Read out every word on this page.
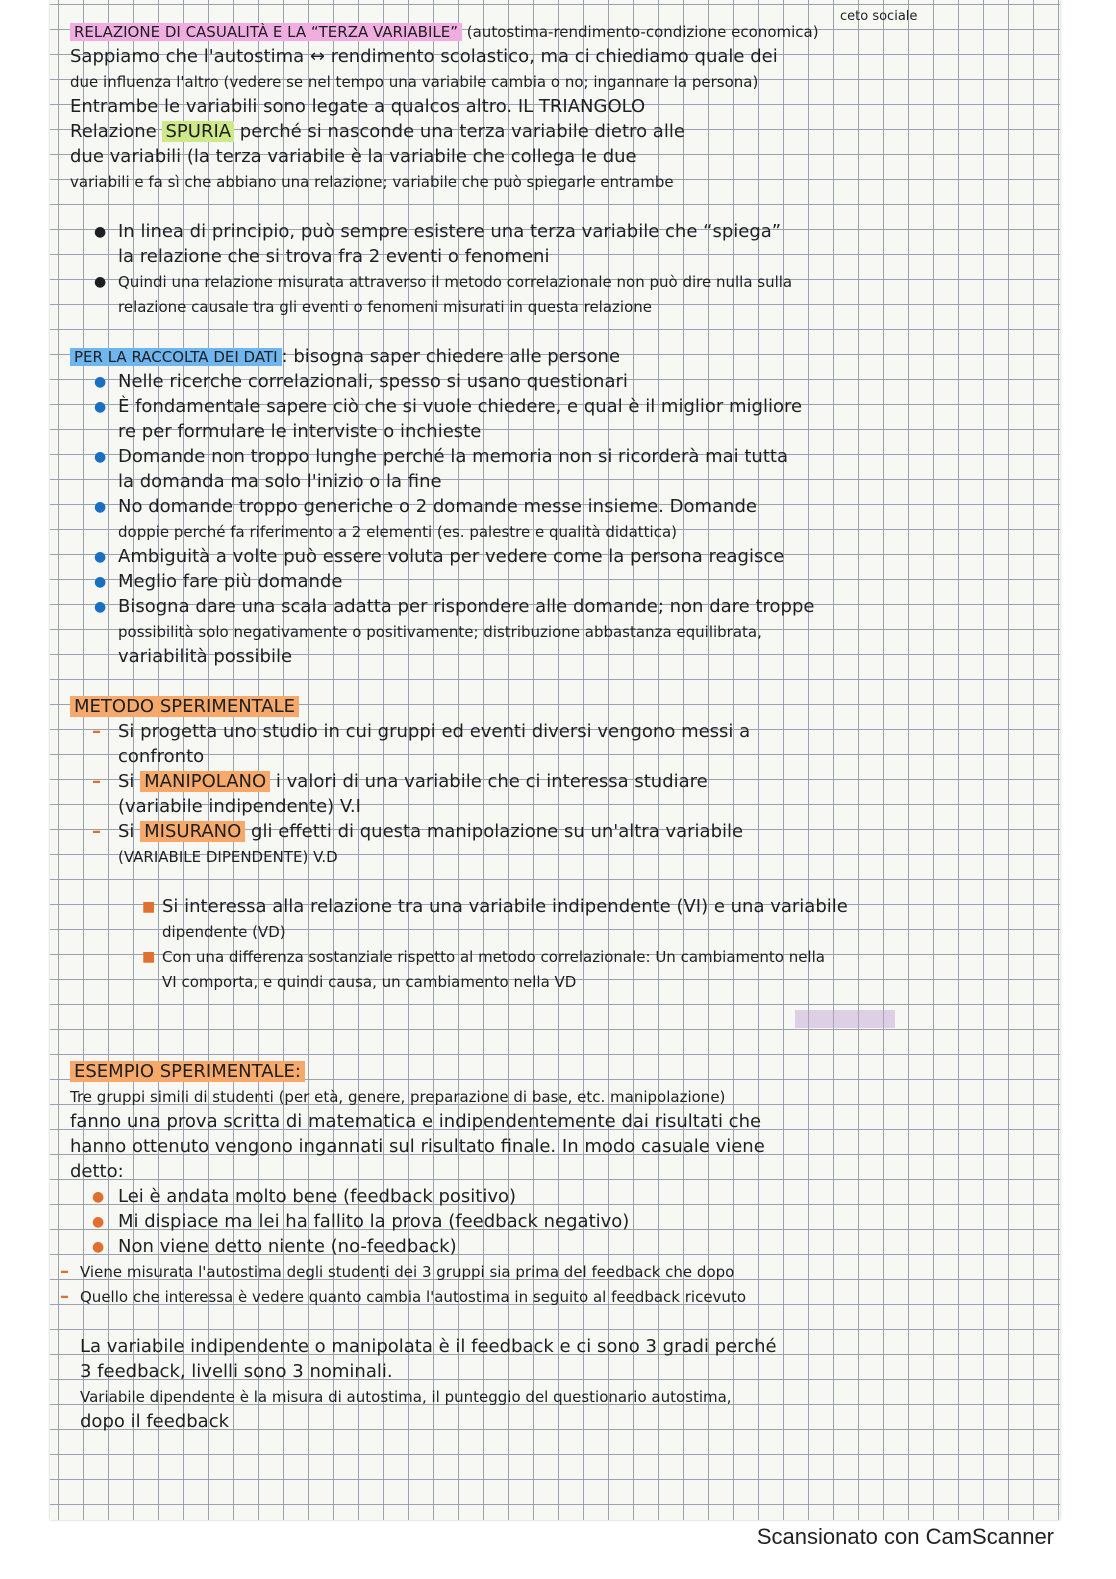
ceto sociale
RELAZIONE DI CASUALITÀ E LA “TERZA VARIABILE” (autostima-rendimento-condizione economica)
Sappiamo che l'autostima ↔ rendimento scolastico, ma ci chiediamo quale dei
due influenza l'altro (vedere se nel tempo una variabile cambia o no; ingannare la persona)
Entrambe le variabili sono legate a qualcos altro. IL TRIANGOLO
Relazione SPURIA perché si nasconde una terza variabile dietro alle
due variabili (la terza variabile è la variabile che collega le due
variabili e fa sì che abbiano una relazione; variabile che può spiegarle entrambe
● In linea di principio, può sempre esistere una terza variabile che “spiega”
la relazione che si trova fra 2 eventi o fenomeni
● Quindi una relazione misurata attraverso il metodo correlazionale non può dire nulla sulla
relazione causale tra gli eventi o fenomeni misurati in questa relazione
PER LA RACCOLTA DEI DATI : bisogna saper chiedere alle persone
● Nelle ricerche correlazionali, spesso si usano questionari
● È fondamentale sapere ciò che si vuole chiedere, e qual è il miglior migliore
re per formulare le interviste o inchieste
● Domande non troppo lunghe perché la memoria non si ricorderà mai tutta
la domanda ma solo l'inizio o la fine
● No domande troppo generiche o 2 domande messe insieme. Domande
doppie perché fa riferimento a 2 elementi (es. palestre e qualità didattica)
● Ambiguità a volte può essere voluta per vedere come la persona reagisce
● Meglio fare più domande
● Bisogna dare una scala adatta per rispondere alle domande; non dare troppe
possibilità solo negativamente o positivamente; distribuzione abbastanza equilibrata,
variabilità possibile
METODO SPERIMENTALE
– Si progetta uno studio in cui gruppi ed eventi diversi vengono messi a
confronto
– Si MANIPOLANO i valori di una variabile che ci interessa studiare
(variabile indipendente) V.I
– Si MISURANO gli effetti di questa manipolazione su un'altra variabile
(VARIABILE DIPENDENTE) V.D
■ Si interessa alla relazione tra una variabile indipendente (VI) e una variabile
dipendente (VD)
■ Con una differenza sostanziale rispetto al metodo correlazionale: Un cambiamento nella
VI comporta, e quindi causa, un cambiamento nella VD
ESEMPIO SPERIMENTALE:
Tre gruppi simili di studenti (per età, genere, preparazione di base, etc. manipolazione)
fanno una prova scritta di matematica e indipendentemente dai risultati che
hanno ottenuto vengono ingannati sul risultato finale. In modo casuale viene
detto:
● Lei è andata molto bene (feedback positivo)
● Mi dispiace ma lei ha fallito la prova (feedback negativo)
● Non viene detto niente (no-feedback)
– Viene misurata l'autostima degli studenti dei 3 gruppi sia prima del feedback che dopo
– Quello che interessa è vedere quanto cambia l'autostima in seguito al feedback ricevuto
La variabile indipendente o manipolata è il feedback e ci sono 3 gradi perché
3 feedback, livelli sono 3 nominali.
Variabile dipendente è la misura di autostima, il punteggio del questionario autostima,
dopo il feedback
Scansionato con CamScanner
